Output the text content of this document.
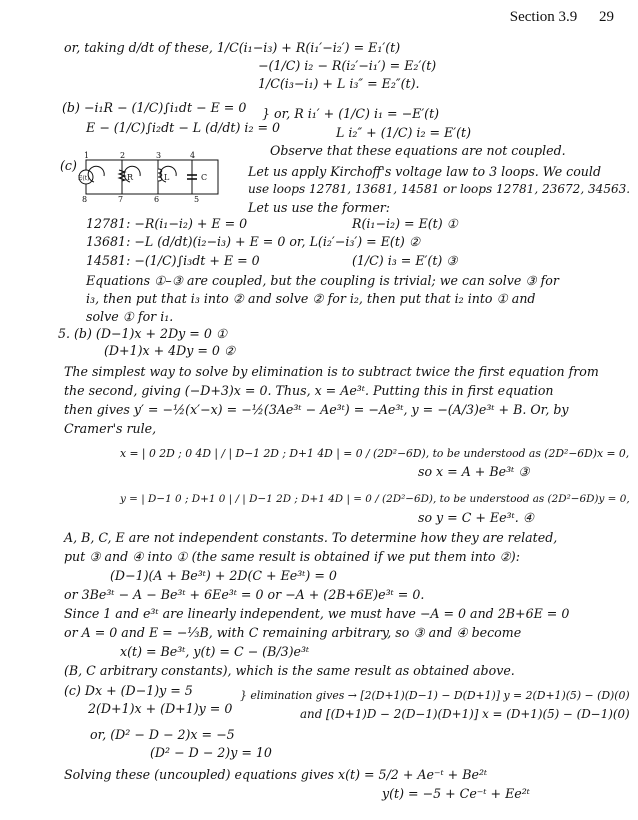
Section 3.9 29
or, taking d/dt of these, 1/C(i₁−i₃) + R(i₁′−i₂′) = E₁′(t)
−(1/C) i₂ − R(i₂′−i₁′) = E₂′(t)
1/C(i₃−i₁) + L i₃″ = E₂″(t).
(b) −i₁R − (1/C)∫i₁dt − E = 0 } or, R i₁′ + (1/C) i₁ = −E′(t)
E − (1/C)∫i₂dt − L (d/dt) i₂ = 0	L i₂″ + (1/C) i₂ = E′(t)
Observe that these equations are not coupled.
(c)
1	2	3	4
8	7	6	5
E(t)	R	L	C	Let us apply Kirchoff's voltage law to 3 loops. We could
use loops 12781, 13681, 14581 or loops 12781, 23672, 34563.
Let us use the former:
12781: −R(i₁−i₂) + E = 0	R(i₁−i₂) = E(t) ①
13681: −L (d/dt)(i₂−i₃) + E = 0 or, L(i₂′−i₃′) = E(t) ②
14581: −(1/C)∫i₃dt + E = 0	(1/C) i₃ = E′(t) ③
Equations ①–③ are coupled, but the coupling is trivial; we can solve ③ for
i₃, then put that i₃ into ② and solve ② for i₂, then put that i₂ into ① and
solve ① for i₁.
5. (b) (D−1)x + 2Dy = 0 ①
(D+1)x + 4Dy = 0 ②
The simplest way to solve by elimination is to subtract twice the first equation from
the second, giving (−D+3)x = 0. Thus, x = Ae³ᵗ. Putting this in first equation
then gives y′ = −½(x′−x) = −½(3Ae³ᵗ − Ae³ᵗ) = −Ae³ᵗ, y = −(A/3)e³ᵗ + B. Or, by
Cramer's rule,
x = | 0 2D ; 0 4D | / | D−1 2D ; D+1 4D | = 0 / (2D²−6D), to be understood as (2D²−6D)x = 0,
so x = A + Be³ᵗ ③
y = | D−1 0 ; D+1 0 | / | D−1 2D ; D+1 4D | = 0 / (2D²−6D), to be understood as (2D²−6D)y = 0,
so y = C + Ee³ᵗ. ④
A, B, C, E are not independent constants. To determine how they are related,
put ③ and ④ into ① (the same result is obtained if we put them into ②):
(D−1)(A + Be³ᵗ) + 2D(C + Ee³ᵗ) = 0
or 3Be³ᵗ − A − Be³ᵗ + 6Ee³ᵗ = 0 or −A + (2B+6E)e³ᵗ = 0.
Since 1 and e³ᵗ are linearly independent, we must have −A = 0 and 2B+6E = 0
or A = 0 and E = −⅓B, with C remaining arbitrary, so ③ and ④ become
x(t) = Be³ᵗ, y(t) = C − (B/3)e³ᵗ
(B, C arbitrary constants), which is the same result as obtained above.
(c) Dx + (D−1)y = 5	} elimination gives → [2(D+1)(D−1) − D(D+1)] y = 2(D+1)(5) − (D)(0)
2(D+1)x + (D+1)y = 0	and [(D+1)D − 2(D−1)(D+1)] x = (D+1)(5) − (D−1)(0)
or, (D² − D − 2)x = −5
(D² − D − 2)y = 10
Solving these (uncoupled) equations gives x(t) = 5/2 + Ae⁻ᵗ + Be²ᵗ
y(t) = −5 + Ce⁻ᵗ + Ee²ᵗ
